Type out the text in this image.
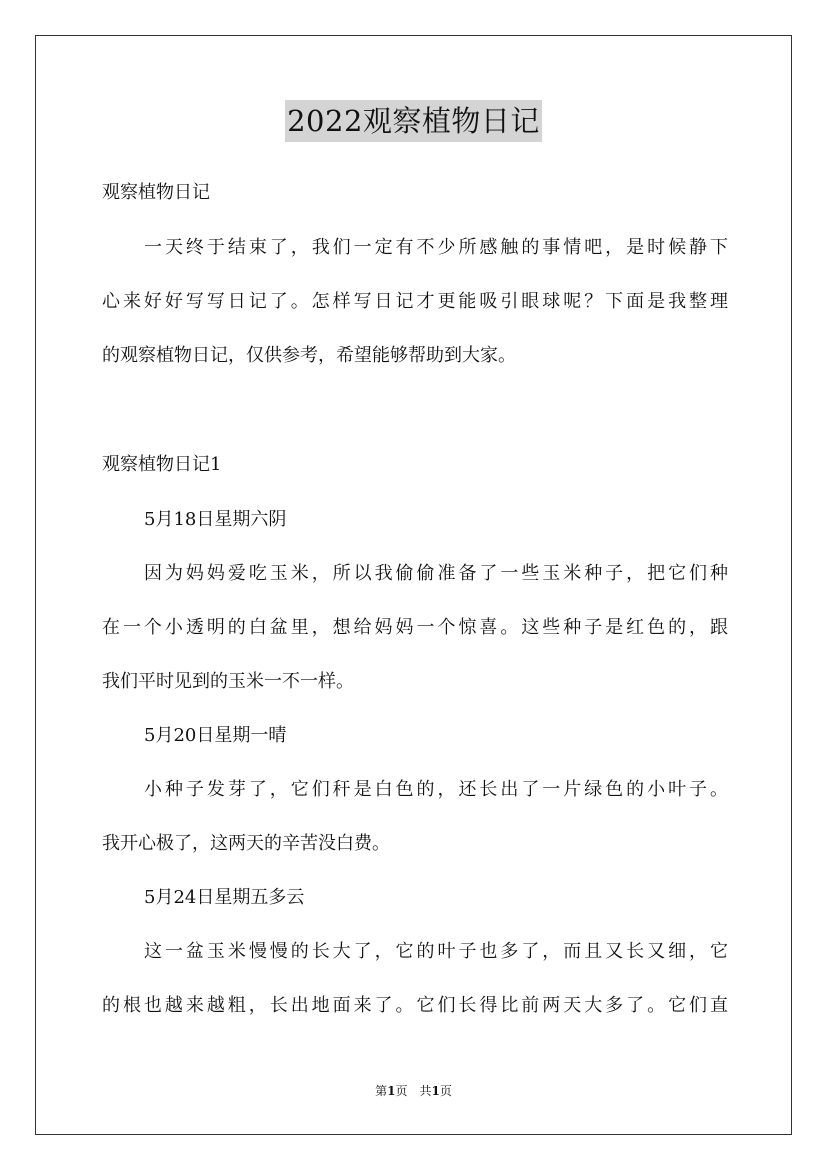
2022观察植物日记
观察植物日记
一天终于结束了，我们一定有不少所感触的事情吧，是时候静下
心来好好写写日记了。怎样写日记才更能吸引眼球呢？下面是我整理
的观察植物日记，仅供参考，希望能够帮助到大家。
观察植物日记1
5月18日星期六阴
因为妈妈爱吃玉米，所以我偷偷准备了一些玉米种子，把它们种
在一个小透明的白盆里，想给妈妈一个惊喜。这些种子是红色的，跟
我们平时见到的玉米一不一样。
5月20日星期一晴
小种子发芽了，它们秆是白色的，还长出了一片绿色的小叶子。
我开心极了，这两天的辛苦没白费。
5月24日星期五多云
这一盆玉米慢慢的长大了，它的叶子也多了，而且又长又细，它
的根也越来越粗，长出地面来了。它们长得比前两天大多了。它们直
第1页　共1页
